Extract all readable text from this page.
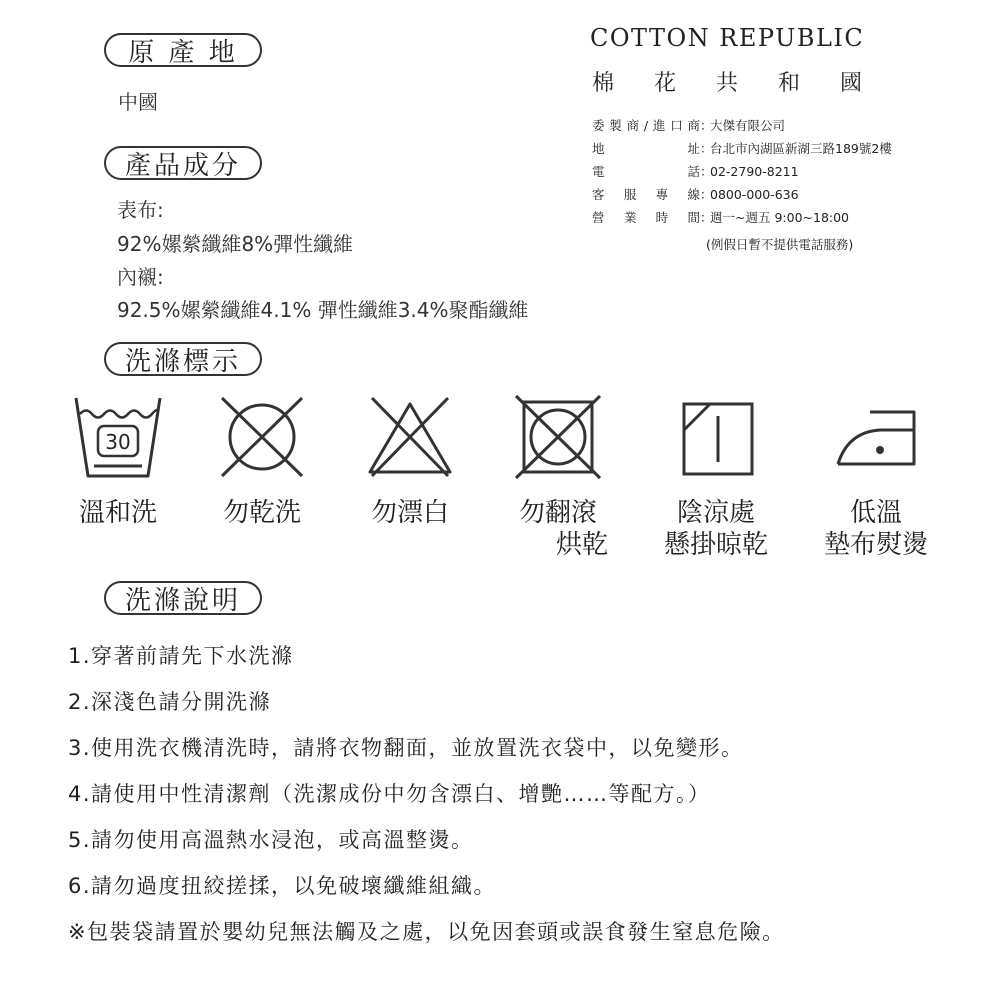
原 產 地
中國
產品成分
表布:
92%嫘縈纖維8%彈性纖維
內襯:
92.5%嫘縈纖維4.1% 彈性纖維3.4%聚酯纖維
COTTON REPUBLIC
棉 花 共 和 國
委 製 商 / 進 口 商 ：
大傑有限公司
地	址 ：
台北市內湖區新湖三路189號2樓
電	話 ：
02-2790-8211
客 服 專 線 ：
0800-000-636
營 業 時 間 ：
週一~週五 9:00~18:00
(例假日暫不提供電話服務)
洗滌標示
30
溫和洗	勿乾洗	勿漂白	勿翻滾
烘乾
陰涼處
懸掛晾乾
低溫
墊布熨燙
洗滌說明
1.穿著前請先下水洗滌
2.深淺色請分開洗滌
3.使用洗衣機清洗時，請將衣物翻面，並放置洗衣袋中，以免變形。
4.請使用中性清潔劑（洗潔成份中勿含漂白、增艷……等配方。）
5.請勿使用高溫熱水浸泡，或高溫整燙。
6.請勿過度扭絞搓揉，以免破壞纖維組織。
※包裝袋請置於嬰幼兒無法觸及之處，以免因套頭或誤食發生窒息危險。
